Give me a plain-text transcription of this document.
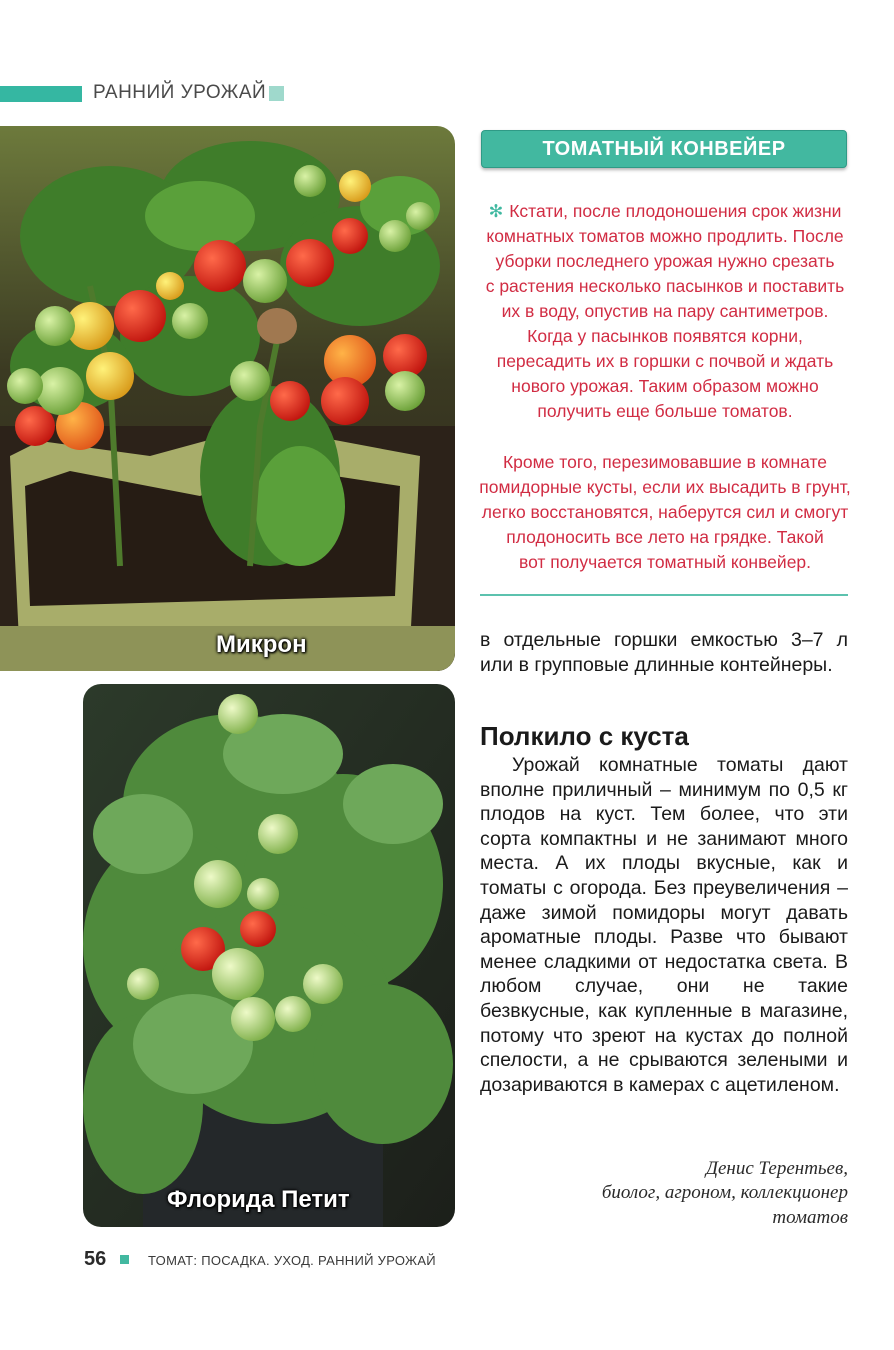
РАННИЙ УРОЖАЙ
Микрон
Флорида Петит
ТОМАТНЫЙ КОНВЕЙЕР
✻ Кстати, после плодоношения срок жизни
комнатных томатов можно продлить. После
уборки последнего урожая нужно срезать
с растения несколько пасынков и поставить
их в воду, опустив на пару сантиметров.
Когда у пасынков появятся корни,
пересадить их в горшки с почвой и ждать
нового урожая. Таким образом можно
получить еще больше томатов.
Кроме того, перезимовавшие в комнате
помидорные кусты, если их высадить в грунт,
легко восстановятся, наберутся сил и смогут
плодоносить все лето на грядке. Такой
вот получается томатный конвейер.
в отдельные горшки емкостью 3–7 л или в групповые длинные контейнеры.
Полкило с куста
Урожай комнатные томаты дают вполне приличный – минимум по 0,5 кг плодов на куст. Тем более, что эти сорта компактны и не занимают много места. А их плоды вкусные, как и томаты с огорода. Без преувеличения – даже зимой помидоры могут давать ароматные плоды. Разве что бывают менее сладкими от недостатка света. В любом случае, они не такие безвкусные, как купленные в магазине, потому что зреют на кустах до полной спелости, а не срываются зелеными и дозариваются в камерах с ацетиленом.
Денис Терентьев,
биолог, агроном, коллекционер
томатов
56	ТОМАТ: ПОСАДКА. УХОД. РАННИЙ УРОЖАЙ
